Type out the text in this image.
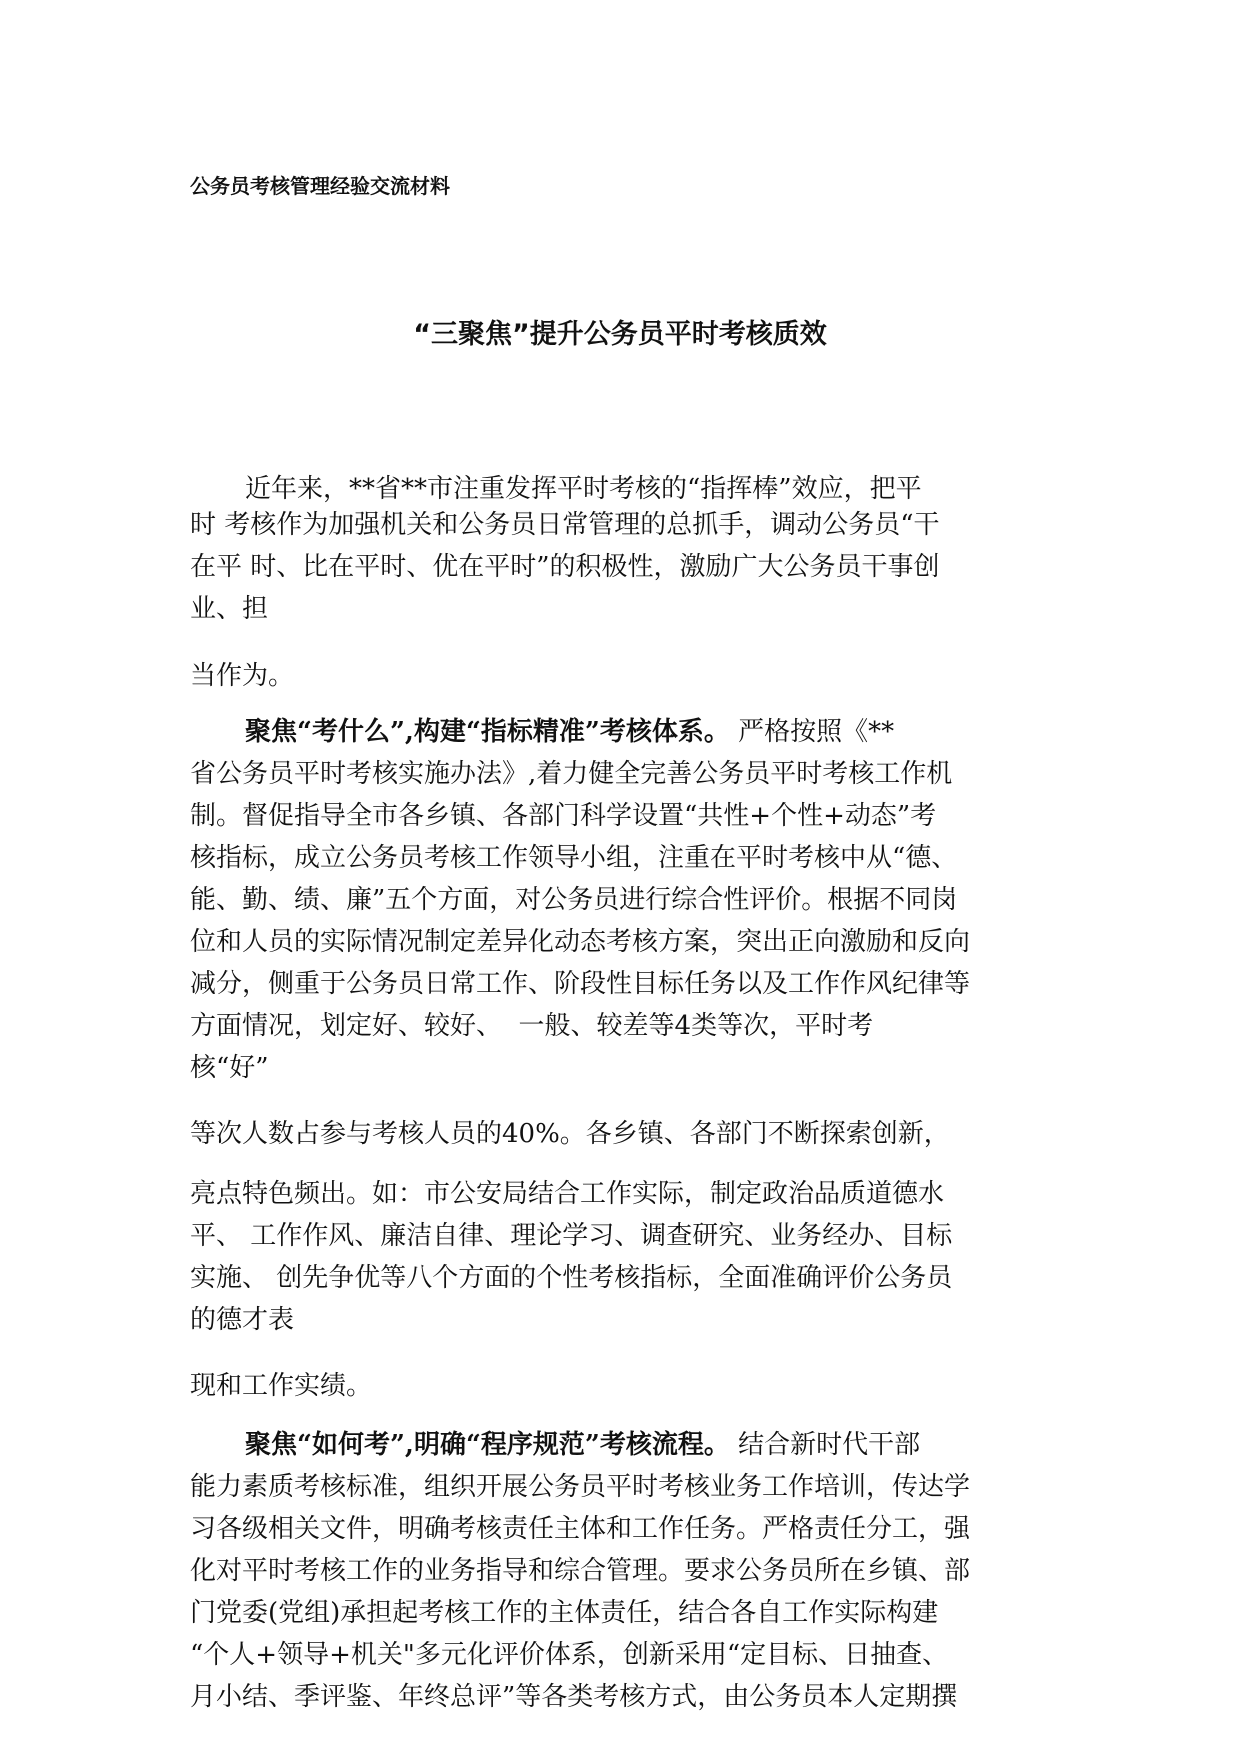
公务员考核管理经验交流材料
“三聚焦”提升公务员平时考核质效
近年来，**省**市注重发挥平时考核的“指挥棒”效应，把平
时 考核作为加强机关和公务员日常管理的总抓手，调动公务员“干
在平 时、比在平时、优在平时”的积极性，激励广大公务员干事创
业、担
当作为。
聚焦“考什么”,构建“指标精准”考核体系。 严格按照《**
省公务员平时考核实施办法》,着力健全完善公务员平时考核工作机
制。督促指导全市各乡镇、各部门科学设置“共性+个性+动态”考
核指标，成立公务员考核工作领导小组，注重在平时考核中从“德、
能、勤、绩、廉”五个方面，对公务员进行综合性评价。根据不同岗
位和人员的实际情况制定差异化动态考核方案，突出正向激励和反向
减分，侧重于公务员日常工作、阶段性目标任务以及工作作风纪律等
方面情况，划定好、较好、  一般、较差等4类等次，平时考
核“好”
等次人数占参与考核人员的40%。各乡镇、各部门不断探索创新，
亮点特色频出。如：市公安局结合工作实际，制定政治品质道德水
平、 工作作风、廉洁自律、理论学习、调查研究、业务经办、目标
实施、 创先争优等八个方面的个性考核指标，全面准确评价公务员
的德才表
现和工作实绩。
聚焦“如何考”,明确“程序规范”考核流程。 结合新时代干部
能力素质考核标准，组织开展公务员平时考核业务工作培训，传达学
习各级相关文件，明确考核责任主体和工作任务。严格责任分工，强
化对平时考核工作的业务指导和综合管理。要求公务员所在乡镇、部
门党委(党组)承担起考核工作的主体责任，结合各自工作实际构建
“个人+领导+机关"多元化评价体系，创新采用“定目标、日抽查、
月小结、季评鉴、年终总评”等各类考核方式，由公务员本人定期撰
